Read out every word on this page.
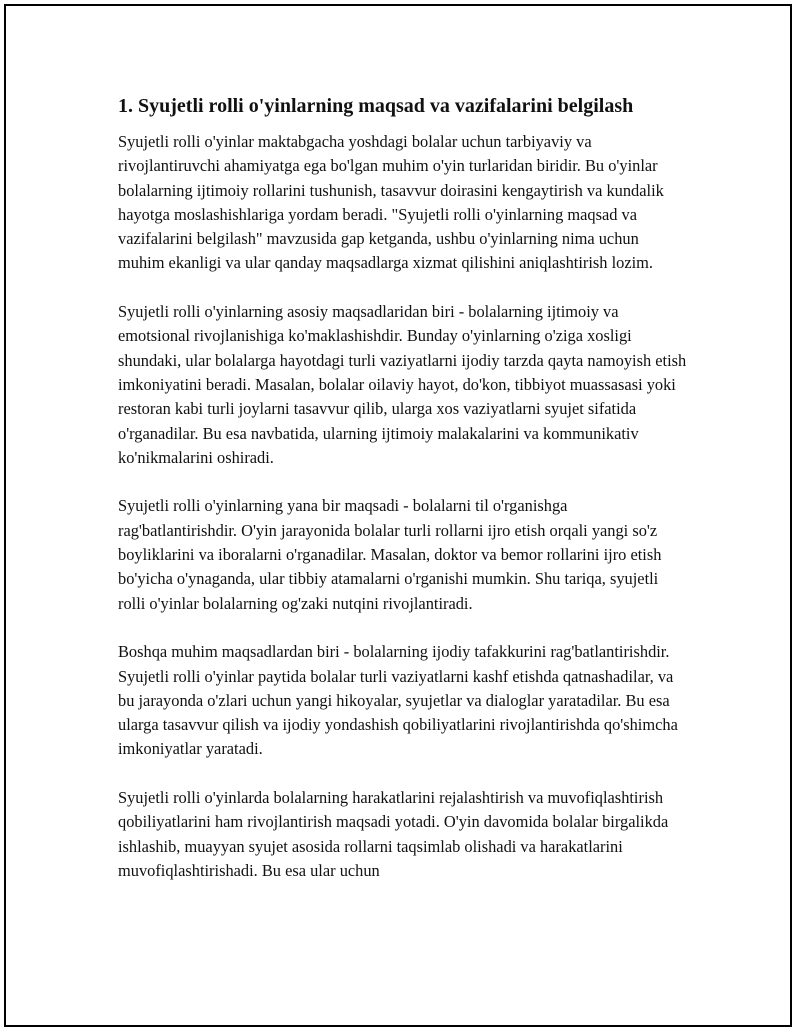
1. Syujetli rolli o'yinlarning maqsad va vazifalarini belgilash

Syujetli rolli o'yinlar maktabgacha yoshdagi bolalar uchun tarbiyaviy va rivojlantiruvchi ahamiyatga ega bo'lgan muhim o'yin turlaridan biridir. Bu o'yinlar bolalarning ijtimoiy rollarini tushunish, tasavvur doirasini kengaytirish va kundalik hayotga moslashishlariga yordam beradi. "Syujetli rolli o'yinlarning maqsad va vazifalarini belgilash" mavzusida gap ketganda, ushbu o'yinlarning nima uchun muhim ekanligi va ular qanday maqsadlarga xizmat qilishini aniqlashtirish lozim.

Syujetli rolli o'yinlarning asosiy maqsadlaridan biri - bolalarning ijtimoiy va emotsional rivojlanishiga ko'maklashishdir. Bunday o'yinlarning o'ziga xosligi shundaki, ular bolalarga hayotdagi turli vaziyatlarni ijodiy tarzda qayta namoyish etish imkoniyatini beradi. Masalan, bolalar oilaviy hayot, do'kon, tibbiyot muassasasi yoki restoran kabi turli joylarni tasavvur qilib, ularga xos vaziyatlarni syujet sifatida o'rganadilar. Bu esa navbatida, ularning ijtimoiy malakalarini va kommunikativ ko'nikmalarini oshiradi.

Syujetli rolli o'yinlarning yana bir maqsadi - bolalarni til o'rganishga rag'batlantirishdir. O'yin jarayonida bolalar turli rollarni ijro etish orqali yangi so'z boyliklarini va iboralarni o'rganadilar. Masalan, doktor va bemor rollarini ijro etish bo'yicha o'ynaganda, ular tibbiy atamalarni o'rganishi mumkin. Shu tariqa, syujetli rolli o'yinlar bolalarning og'zaki nutqini rivojlantiradi.

Boshqa muhim maqsadlardan biri - bolalarning ijodiy tafakkurini rag'batlantirishdir. Syujetli rolli o'yinlar paytida bolalar turli vaziyatlarni kashf etishda qatnashadilar, va bu jarayonda o'zlari uchun yangi hikoyalar, syujetlar va dialoglar yaratadilar. Bu esa ularga tasavvur qilish va ijodiy yondashish qobiliyatlarini rivojlantirishda qo'shimcha imkoniyatlar yaratadi.

Syujetli rolli o'yinlarda bolalarning harakatlarini rejalashtirish va muvofiqlashtirish qobiliyatlarini ham rivojlantirish maqsadi yotadi. O'yin davomida bolalar birgalikda ishlashib, muayyan syujet asosida rollarni taqsimlab olishadi va harakatlarini muvofiqlashtirishadi. Bu esa ular uchun
